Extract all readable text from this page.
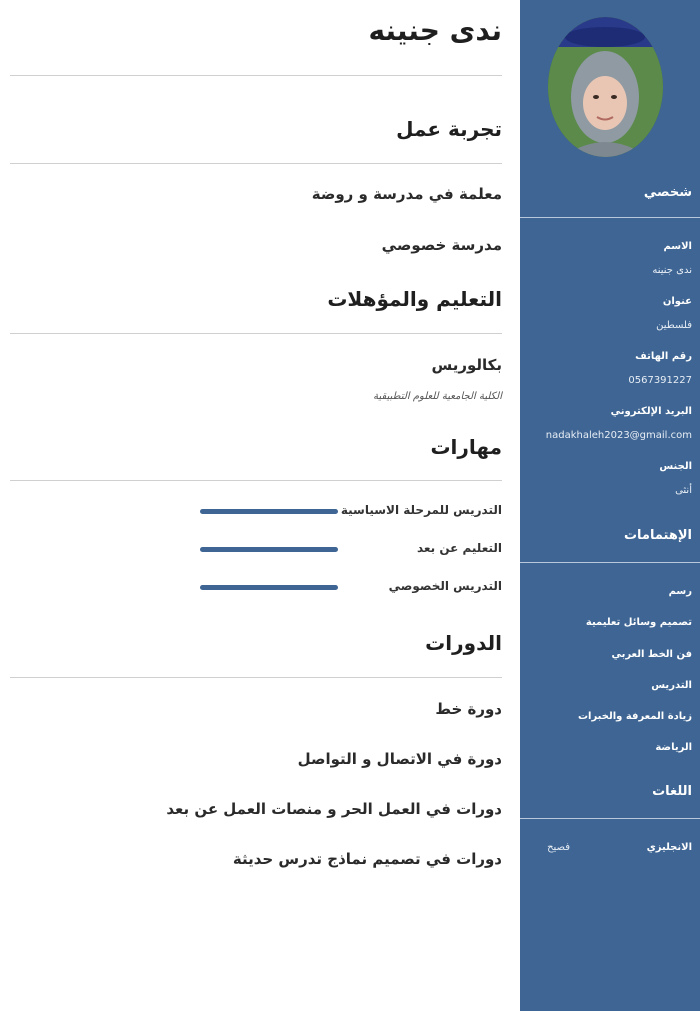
ندى جنينه
تجربة عمل
معلمة في مدرسة و روضة
مدرسة خصوصي
التعليم والمؤهلات
بكالوريس
الكلية الجامعية للعلوم التطبيقية
مهارات
التدريس للمرحلة الاسياسية
التعليم عن بعد
التدريس الخصوصي
الدورات
دورة خط
دورة في الاتصال و التواصل
دورات في العمل الحر و منصات العمل عن بعد
دورات في تصميم نماذج تدرس حديثة
شخصي
الاسم
ندى جنينه
عنوان
فلسطين
رقم الهاتف
0567391227
البريد الإلكتروني
nadakhaleh2023@gmail.com
الجنس
أنثى
الإهتمامات
رسم
تصميم وسائل تعليمية
فن الخط العربي
التدريس
زيادة المعرفة والخبرات
الرياضة
اللغات
الانجليزي
فصيح
